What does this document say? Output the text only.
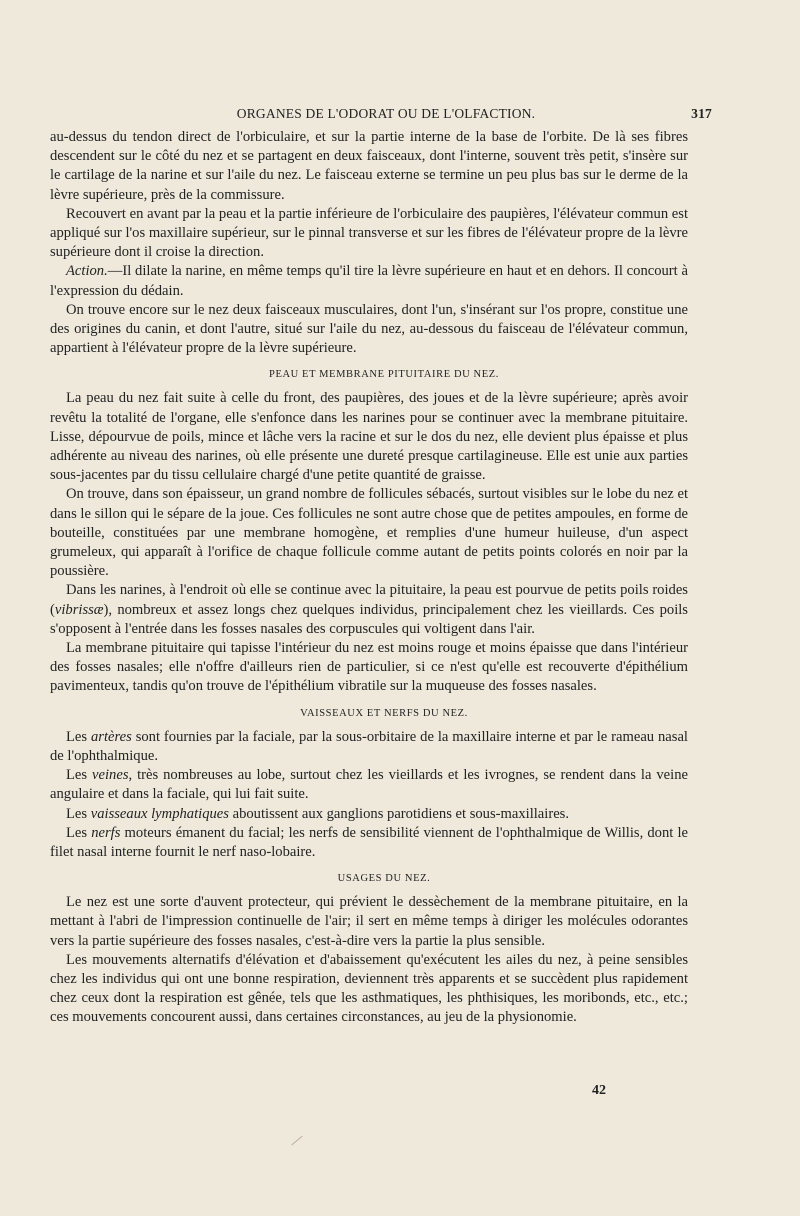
ORGANES DE L'ODORAT OU DE L'OLFACTION.	317

au-dessus du tendon direct de l'orbiculaire, et sur la partie interne de la base de l'orbite. De là ses fibres descendent sur le côté du nez et se partagent en deux faisceaux, dont l'interne, souvent très petit, s'insère sur le cartilage de la narine et sur l'aile du nez. Le faisceau externe se termine un peu plus bas sur le derme de la lèvre supérieure, près de la commissure.

Recouvert en avant par la peau et la partie inférieure de l'orbiculaire des paupières, l'élévateur commun est appliqué sur l'os maxillaire supérieur, sur le pinnal transverse et sur les fibres de l'élévateur propre de la lèvre supérieure dont il croise la direction.

Action.—Il dilate la narine, en même temps qu'il tire la lèvre supérieure en haut et en dehors. Il concourt à l'expression du dédain.

On trouve encore sur le nez deux faisceaux musculaires, dont l'un, s'insérant sur l'os propre, constitue une des origines du canin, et dont l'autre, situé sur l'aile du nez, au-dessous du faisceau de l'élévateur commun, appartient à l'élévateur propre de la lèvre supérieure.

PEAU ET MEMBRANE PITUITAIRE DU NEZ.

La peau du nez fait suite à celle du front, des paupières, des joues et de la lèvre supérieure; après avoir revêtu la totalité de l'organe, elle s'enfonce dans les narines pour se continuer avec la membrane pituitaire. Lisse, dépourvue de poils, mince et lâche vers la racine et sur le dos du nez, elle devient plus épaisse et plus adhérente au niveau des narines, où elle présente une dureté presque cartilagineuse. Elle est unie aux parties sous-jacentes par du tissu cellulaire chargé d'une petite quantité de graisse.

On trouve, dans son épaisseur, un grand nombre de follicules sébacés, surtout visibles sur le lobe du nez et dans le sillon qui le sépare de la joue. Ces follicules ne sont autre chose que de petites ampoules, en forme de bouteille, constituées par une membrane homogène, et remplies d'une humeur huileuse, d'un aspect grumeleux, qui apparaît à l'orifice de chaque follicule comme autant de petits points colorés en noir par la poussière.

Dans les narines, à l'endroit où elle se continue avec la pituitaire, la peau est pourvue de petits poils roides (vibrissæ), nombreux et assez longs chez quelques individus, principalement chez les vieillards. Ces poils s'opposent à l'entrée dans les fosses nasales des corpuscules qui voltigent dans l'air.

La membrane pituitaire qui tapisse l'intérieur du nez est moins rouge et moins épaisse que dans l'intérieur des fosses nasales; elle n'offre d'ailleurs rien de particulier, si ce n'est qu'elle est recouverte d'épithélium pavimenteux, tandis qu'on trouve de l'épithélium vibratile sur la muqueuse des fosses nasales.

VAISSEAUX ET NERFS DU NEZ.

Les artères sont fournies par la faciale, par la sous-orbitaire de la maxillaire interne et par le rameau nasal de l'ophthalmique.

Les veines, très nombreuses au lobe, surtout chez les vieillards et les ivrognes, se rendent dans la veine angulaire et dans la faciale, qui lui fait suite.

Les vaisseaux lymphatiques aboutissent aux ganglions parotidiens et sous-maxillaires.

Les nerfs moteurs émanent du facial; les nerfs de sensibilité viennent de l'ophthalmique de Willis, dont le filet nasal interne fournit le nerf naso-lobaire.

USAGES DU NEZ.

Le nez est une sorte d'auvent protecteur, qui prévient le dessèchement de la membrane pituitaire, en la mettant à l'abri de l'impression continuelle de l'air; il sert en même temps à diriger les molécules odorantes vers la partie supérieure des fosses nasales, c'est-à-dire vers la partie la plus sensible.

Les mouvements alternatifs d'élévation et d'abaissement qu'exécutent les ailes du nez, à peine sensibles chez les individus qui ont une bonne respiration, deviennent très apparents et se succèdent plus rapidement chez ceux dont la respiration est gênée, tels que les asthmatiques, les phthisiques, les moribonds, etc., etc.; ces mouvements concourent aussi, dans certaines circonstances, au jeu de la physionomie.

42
